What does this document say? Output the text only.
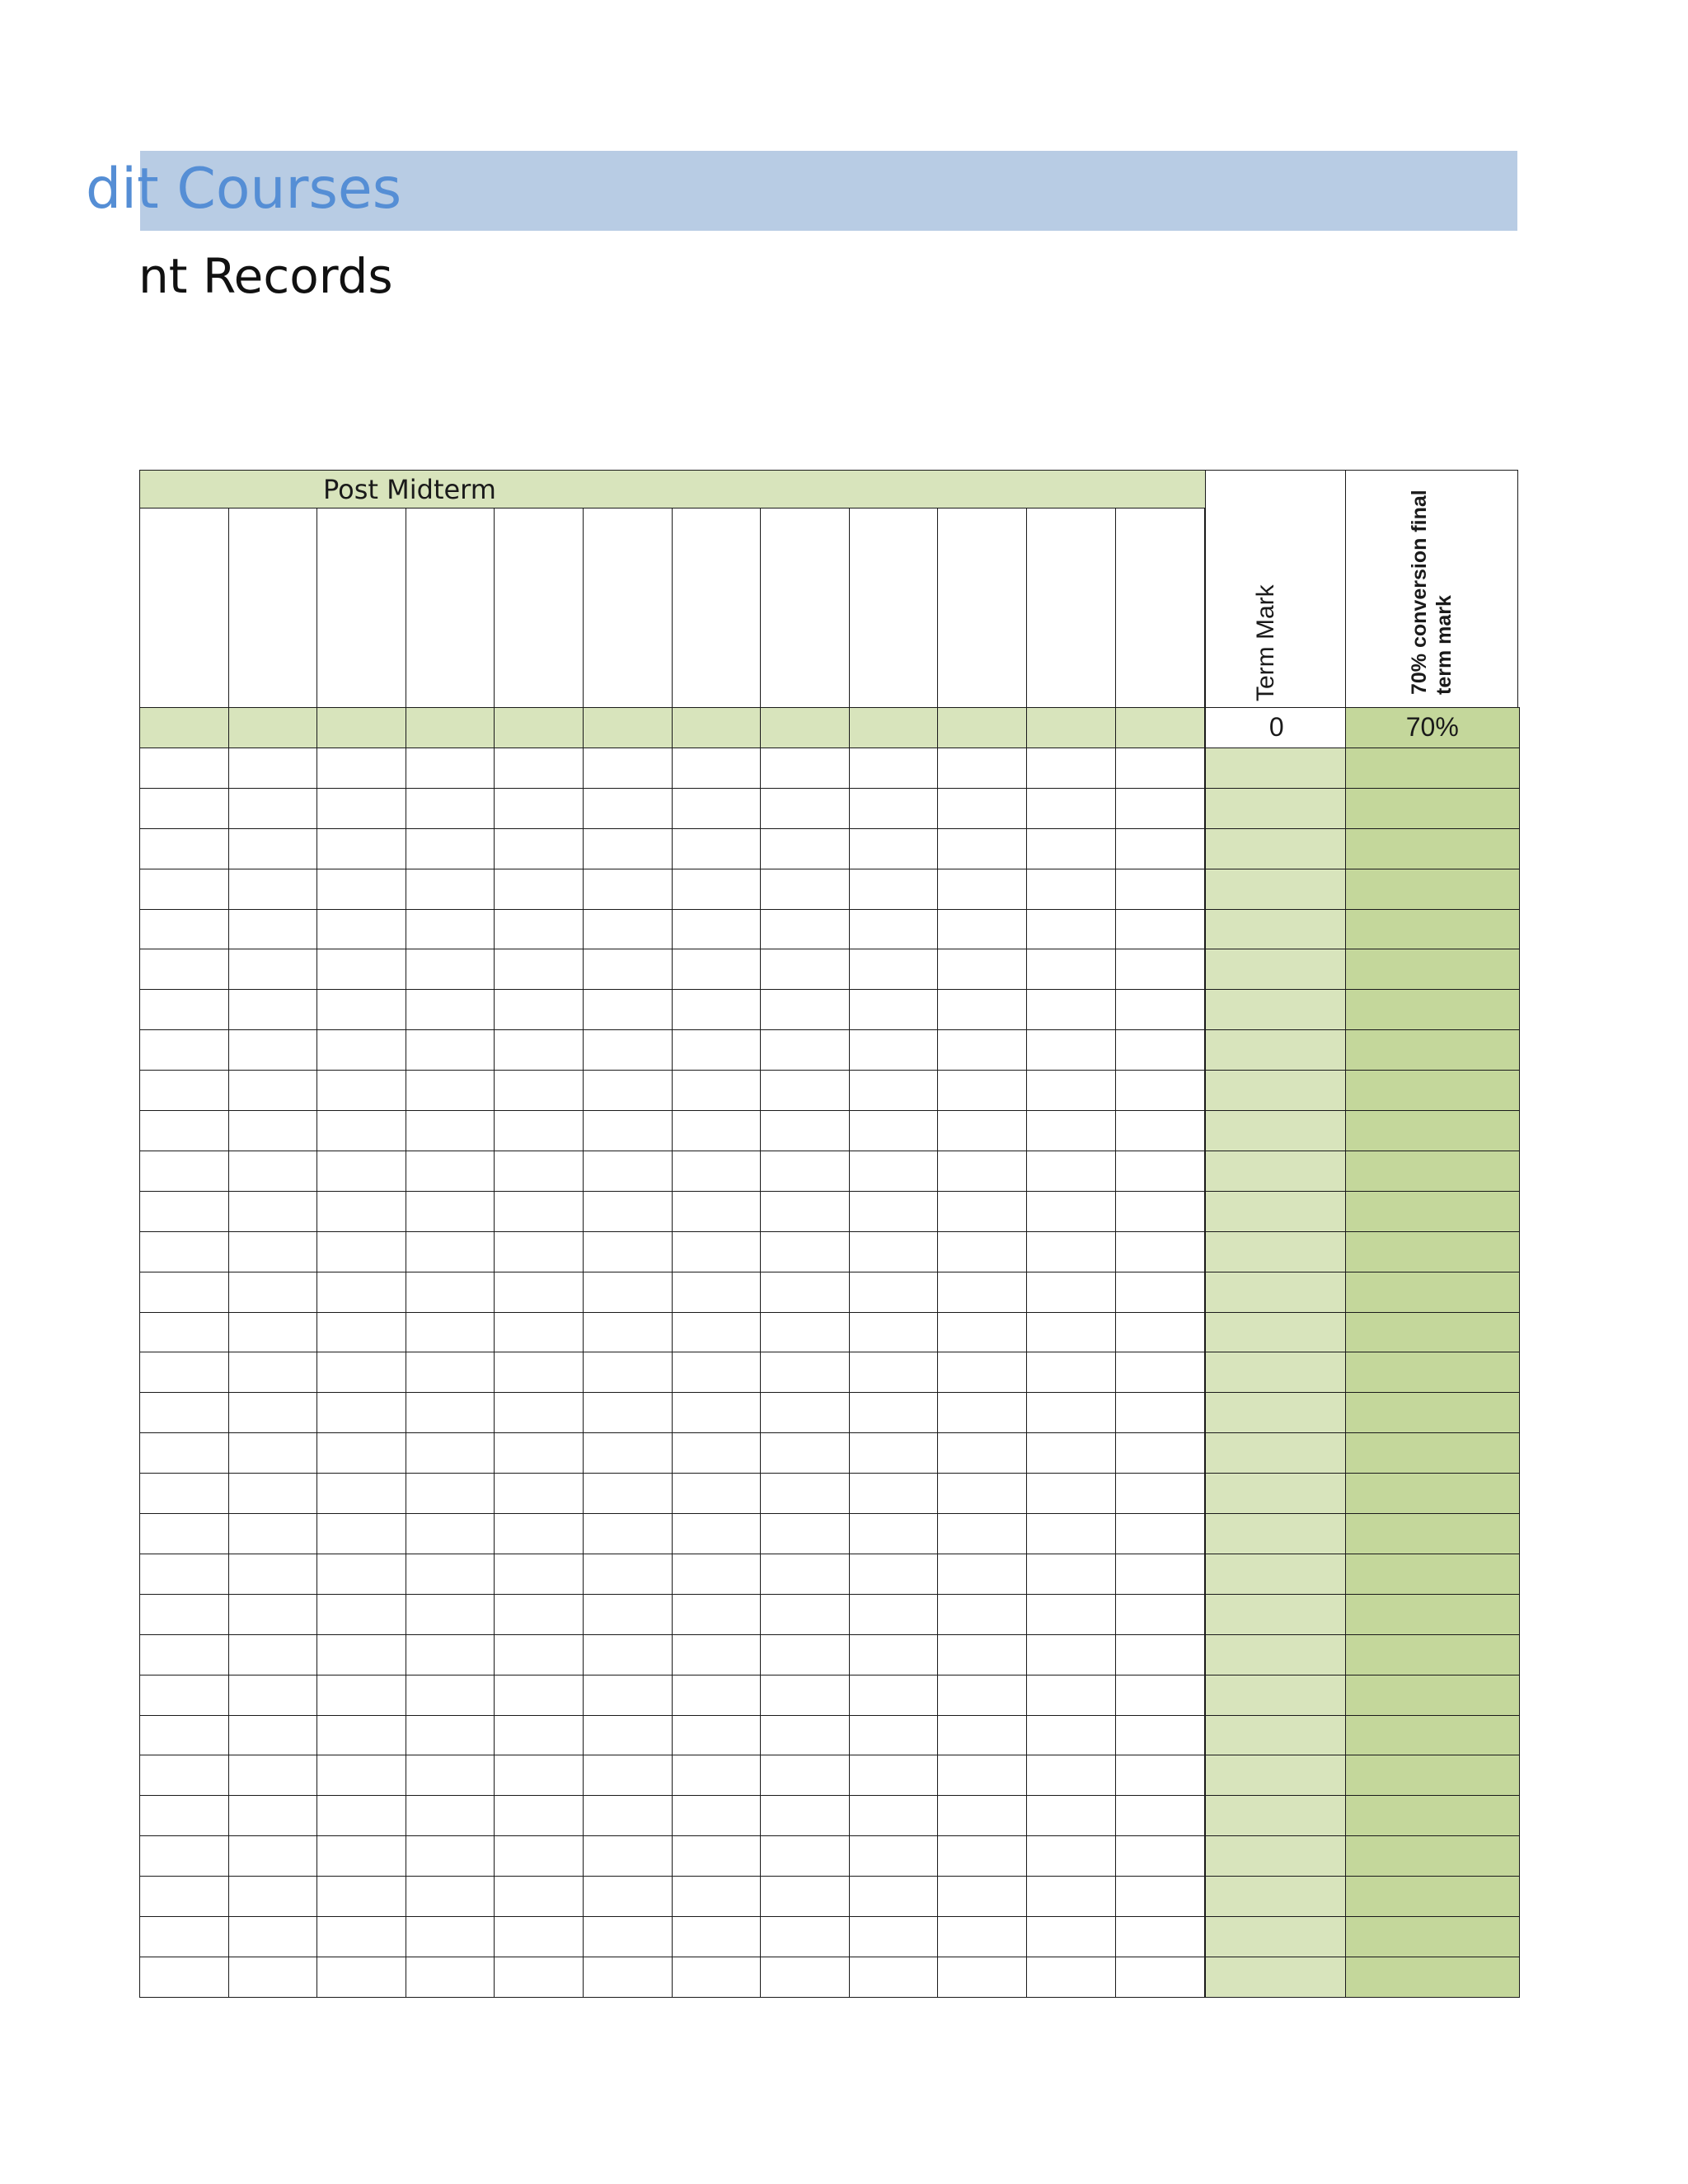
dit Courses
nt Records
Post Midterm
Term Mark	70% conversion final term mark
0	70%
